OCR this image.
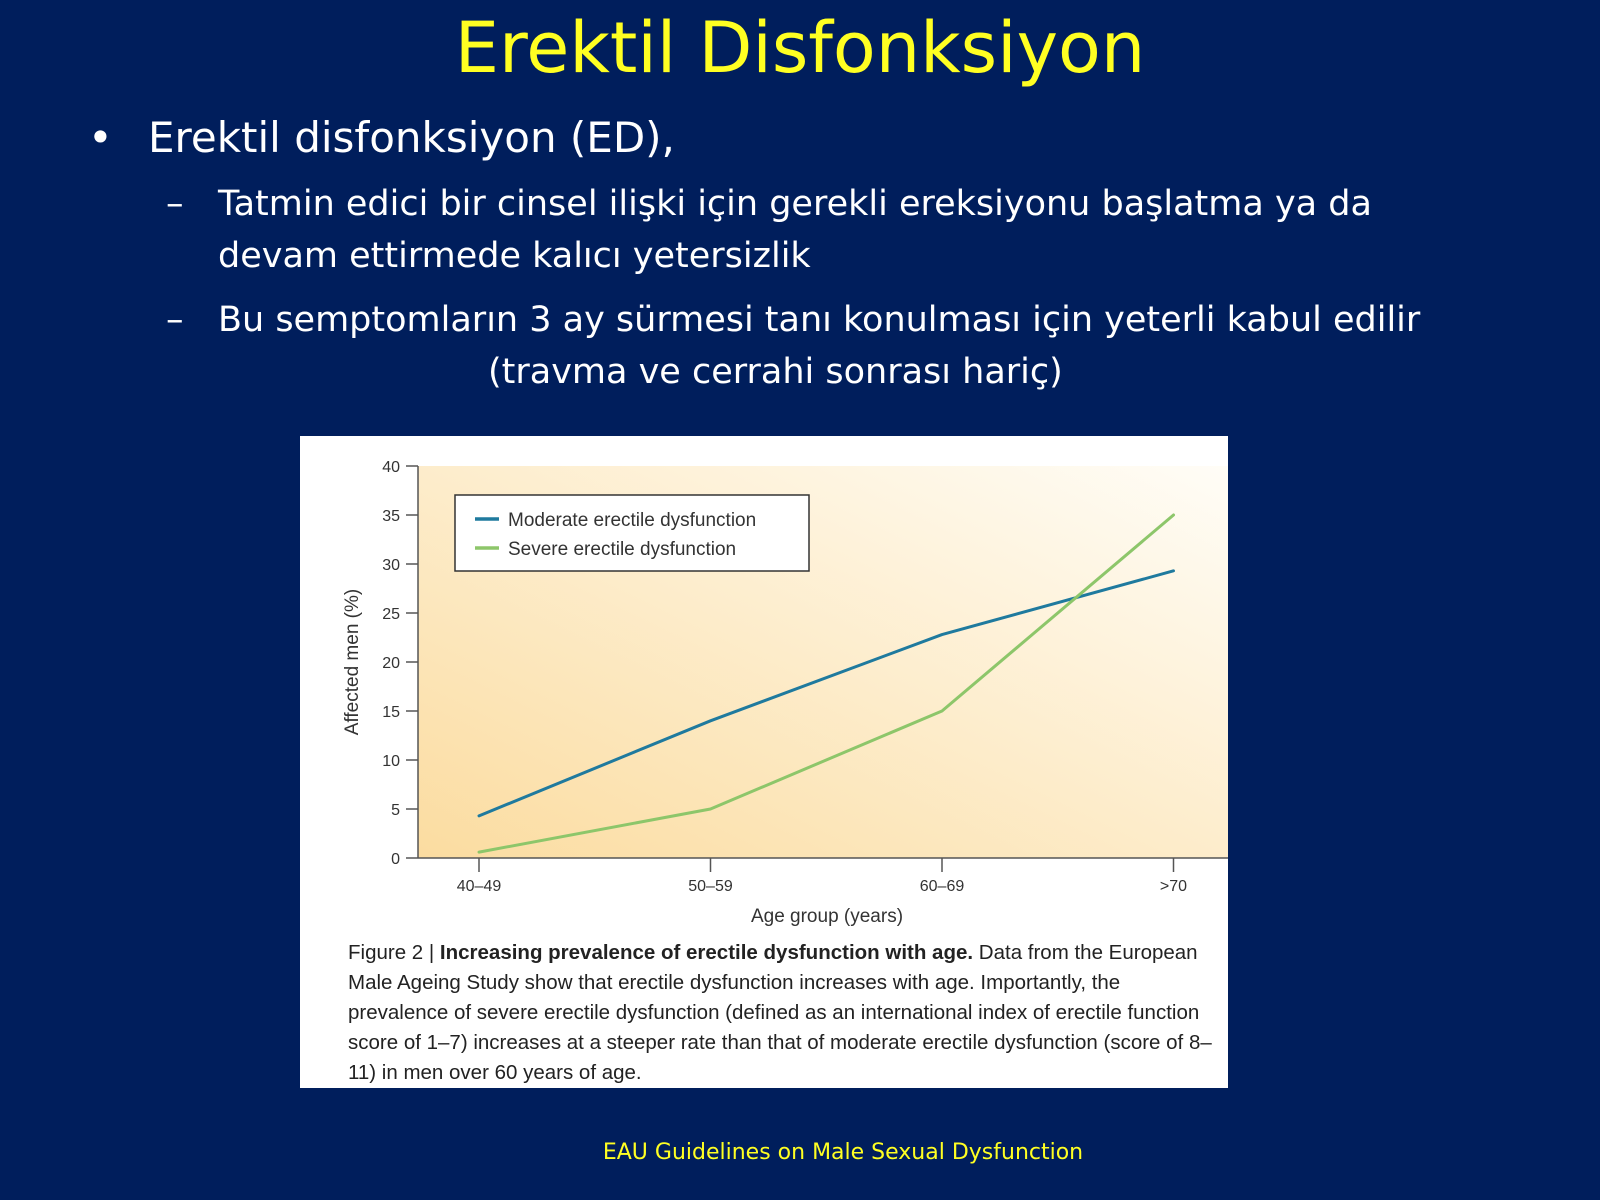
Erektil Disfonksiyon
• Erektil disfonksiyon (ED),
– Tatmin edici bir cinsel ilişki için gerekli ereksiyonu başlatma ya da devam ettirmede kalıcı yetersizlik
– Bu semptomların 3 ay sürmesi tanı konulması için yeterli kabul edilir
(travma ve cerrahi sonrası hariç)
0
5
10
15
20
25
30
35
40
40–49	50–59	60–69	>70
Age group (years)
Affected men (%)
Moderate erectile dysfunction
Severe erectile dysfunction
Figure 2 | Increasing prevalence of erectile dysfunction with age. Data from the European Male Ageing Study show that erectile dysfunction increases with age. Importantly, the prevalence of severe erectile dysfunction (defined as an international index of erectile function score of 1–7) increases at a steeper rate than that of moderate erectile dysfunction (score of 8–11) in men over 60 years of age.
EAU Guidelines on Male Sexual Dysfunction
